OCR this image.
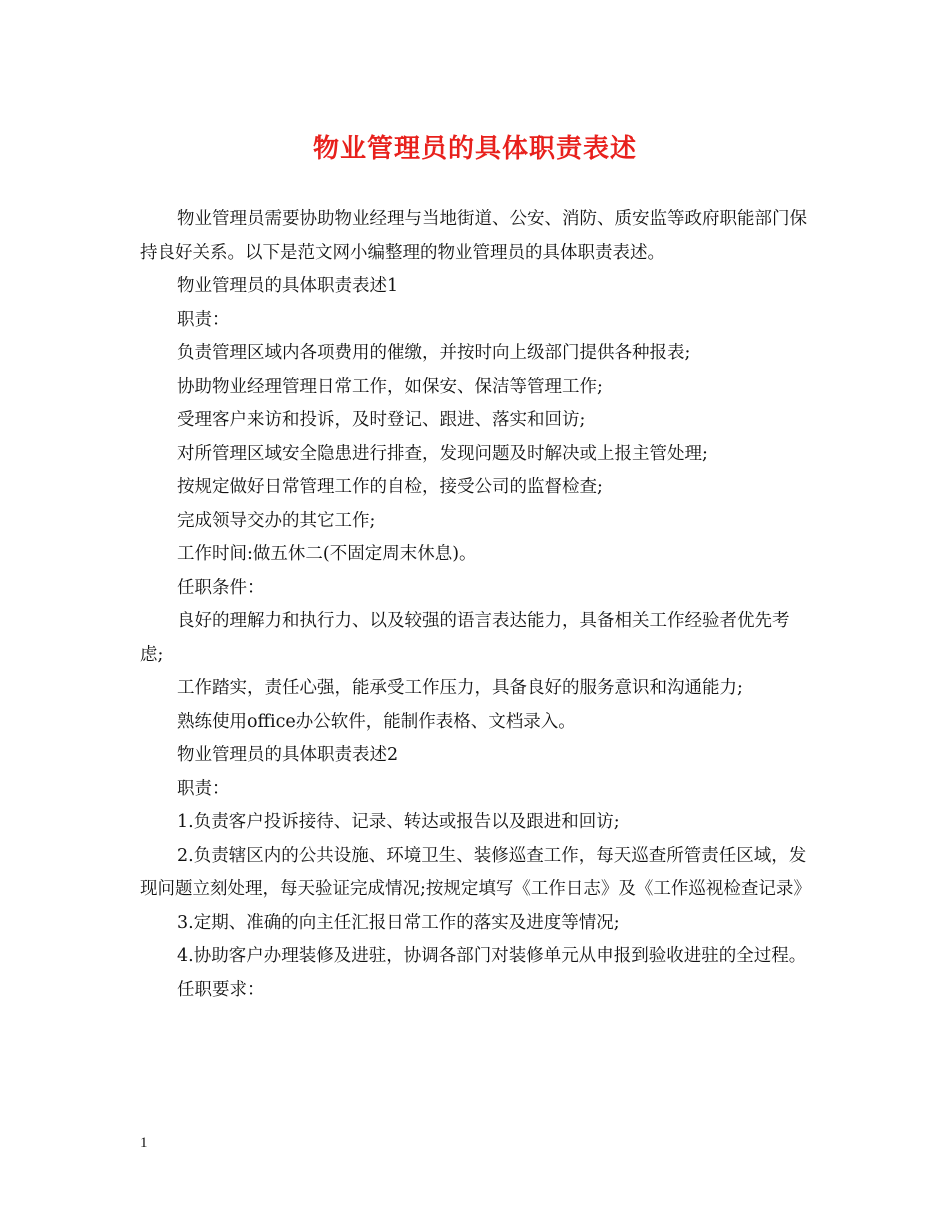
物业管理员的具体职责表述

物业管理员需要协助物业经理与当地街道、公安、消防、质安监等政府职能部门保持良好关系。以下是范文网小编整理的物业管理员的具体职责表述。

物业管理员的具体职责表述1

职责：

负责管理区域内各项费用的催缴，并按时向上级部门提供各种报表;

协助物业经理管理日常工作，如保安、保洁等管理工作;

受理客户来访和投诉，及时登记、跟进、落实和回访;

对所管理区域安全隐患进行排查，发现问题及时解决或上报主管处理;

按规定做好日常管理工作的自检，接受公司的监督检查;

完成领导交办的其它工作;

工作时间:做五休二(不固定周末休息)。

任职条件：

良好的理解力和执行力、以及较强的语言表达能力，具备相关工作经验者优先考虑;

工作踏实，责任心强，能承受工作压力，具备良好的服务意识和沟通能力;

熟练使用office办公软件，能制作表格、文档录入。

物业管理员的具体职责表述2

职责：

1.负责客户投诉接待、记录、转达或报告以及跟进和回访;

2.负责辖区内的公共设施、环境卫生、装修巡查工作，每天巡查所管责任区域，发现问题立刻处理，每天验证完成情况;按规定填写《工作日志》及《工作巡视检查记录》

3.定期、准确的向主任汇报日常工作的落实及进度等情况;

4.协助客户办理装修及进驻，协调各部门对装修单元从申报到验收进驻的全过程。

任职要求：

1
